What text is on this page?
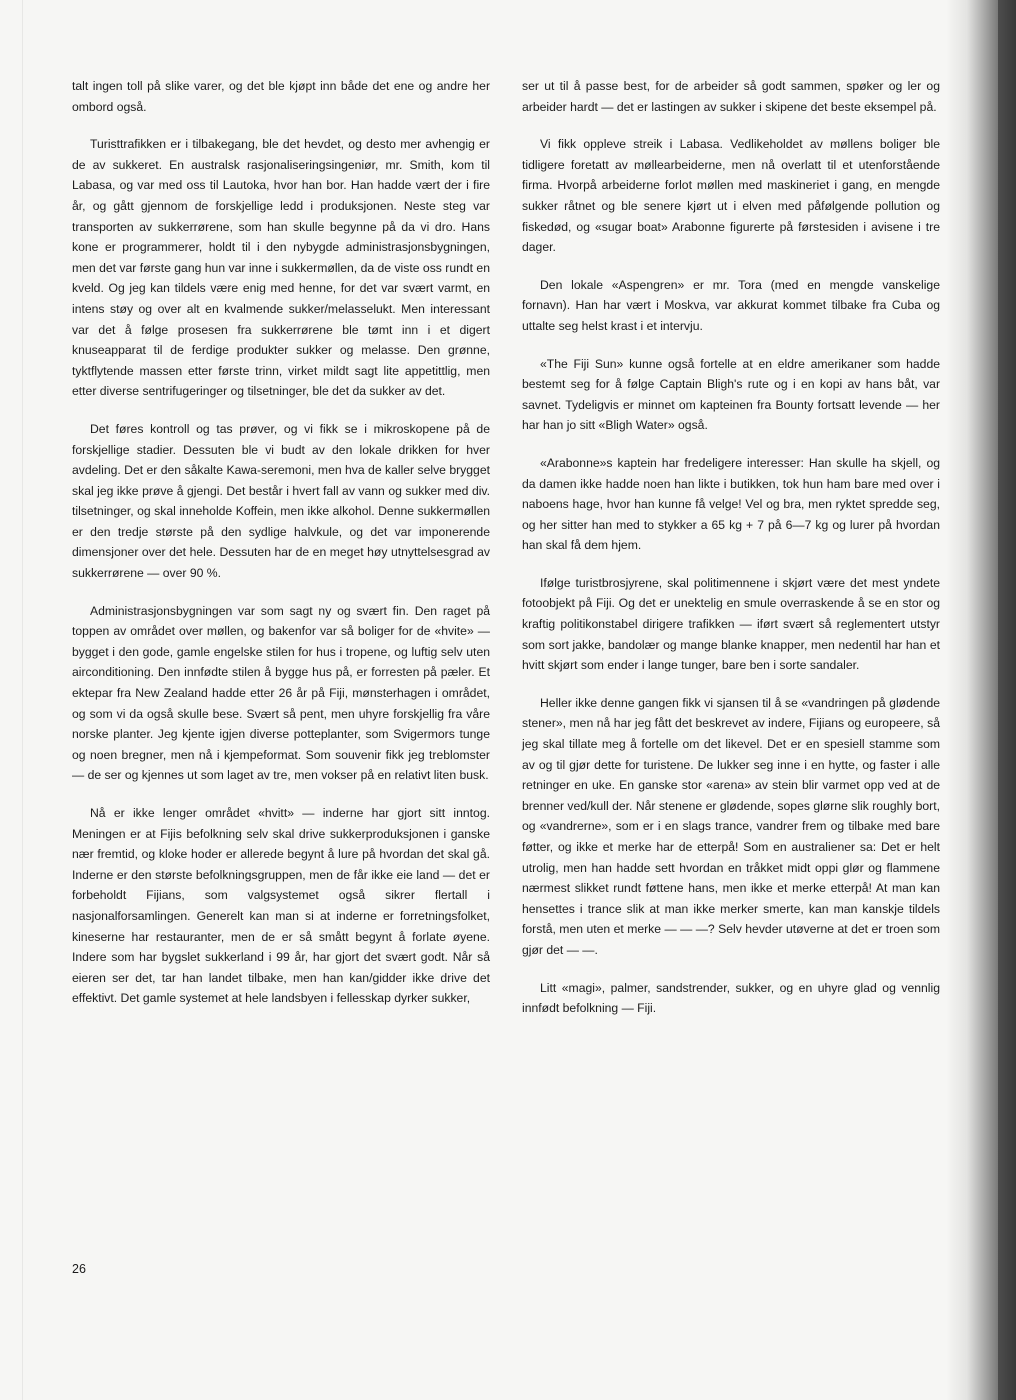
talt ingen toll på slike varer, og det ble kjøpt inn både det ene og andre her ombord også.

Turisttrafikken er i tilbakegang, ble det hevdet, og desto mer avhengig er de av sukkeret. En australsk rasjonaliseringsingeniør, mr. Smith, kom til Labasa, og var med oss til Lautoka, hvor han bor. Han hadde vært der i fire år, og gått gjennom de forskjellige ledd i produksjonen. Neste steg var transporten av sukkerrørene, som han skulle begynne på da vi dro. Hans kone er programmerer, holdt til i den nybygde administrasjonsbygningen, men det var første gang hun var inne i sukkermøllen, da de viste oss rundt en kveld. Og jeg kan tildels være enig med henne, for det var svært varmt, en intens støy og over alt en kvalmende sukker/melasselukt. Men interessant var det å følge prosesen fra sukkerrørene ble tømt inn i et digert knuseapparat til de ferdige produkter sukker og melasse. Den grønne, tyktflytende massen etter første trinn, virket mildt sagt lite appetittlig, men etter diverse sentrifugeringer og tilsetninger, ble det da sukker av det.

Det føres kontroll og tas prøver, og vi fikk se i mikroskopene på de forskjellige stadier. Dessuten ble vi budt av den lokale drikken for hver avdeling. Det er den såkalte Kawa-seremoni, men hva de kaller selve brygget skal jeg ikke prøve å gjengi. Det består i hvert fall av vann og sukker med div. tilsetninger, og skal inneholde Koffein, men ikke alkohol. Denne sukkermøllen er den tredje største på den sydlige halvkule, og det var imponerende dimensjoner over det hele. Dessuten har de en meget høy utnyttelsesgrad av sukkerrørene — over 90 %.

Administrasjonsbygningen var som sagt ny og svært fin. Den raget på toppen av området over møllen, og bakenfor var så boliger for de «hvite» — bygget i den gode, gamle engelske stilen for hus i tropene, og luftig selv uten airconditioning. Den innfødte stilen å bygge hus på, er forresten på pæler. Et ektepar fra New Zealand hadde etter 26 år på Fiji, mønsterhagen i området, og som vi da også skulle bese. Svært så pent, men uhyre forskjellig fra våre norske planter. Jeg kjente igjen diverse potteplanter, som Svigermors tunge og noen bregner, men nå i kjempeformat. Som souvenir fikk jeg treblomster — de ser og kjennes ut som laget av tre, men vokser på en relativt liten busk.

Nå er ikke lenger området «hvitt» — inderne har gjort sitt inntog. Meningen er at Fijis befolkning selv skal drive sukkerproduksjonen i ganske nær fremtid, og kloke hoder er allerede begynt å lure på hvordan det skal gå. Inderne er den største befolkningsgruppen, men de får ikke eie land — det er forbeholdt Fijians, som valgsystemet også sikrer flertall i nasjonalforsamlingen. Generelt kan man si at inderne er forretningsfolket, kineserne har restauranter, men de er så smått begynt å forlate øyene. Indere som har bygslet sukkerland i 99 år, har gjort det svært godt. Når så eieren ser det, tar han landet tilbake, men han kan/gidder ikke drive det effektivt. Det gamle systemet at hele landsbyen i fellesskap dyrker sukker,

ser ut til å passe best, for de arbeider så godt sammen, spøker og ler og arbeider hardt — det er lastingen av sukker i skipene det beste eksempel på.

Vi fikk oppleve streik i Labasa. Vedlikeholdet av møllens boliger ble tidligere foretatt av møllearbeiderne, men nå overlatt til et utenforstående firma. Hvorpå arbeiderne forlot møllen med maskineriet i gang, en mengde sukker råtnet og ble senere kjørt ut i elven med påfølgende pollution og fiskedød, og «sugar boat» Arabonne figurerte på førstesiden i avisene i tre dager.

Den lokale «Aspengren» er mr. Tora (med en mengde vanskelige fornavn). Han har vært i Moskva, var akkurat kommet tilbake fra Cuba og uttalte seg helst krast i et intervju.

«The Fiji Sun» kunne også fortelle at en eldre amerikaner som hadde bestemt seg for å følge Captain Bligh's rute og i en kopi av hans båt, var savnet. Tydeligvis er minnet om kapteinen fra Bounty fortsatt levende — her har han jo sitt «Bligh Water» også.

«Arabonne»s kaptein har fredeligere interesser: Han skulle ha skjell, og da damen ikke hadde noen han likte i butikken, tok hun ham bare med over i naboens hage, hvor han kunne få velge! Vel og bra, men ryktet spredde seg, og her sitter han med to stykker a 65 kg + 7 på 6—7 kg og lurer på hvordan han skal få dem hjem.

Ifølge turistbrosjyrene, skal politimennene i skjørt være det mest yndete fotoobjekt på Fiji. Og det er unektelig en smule overraskende å se en stor og kraftig politikonstabel dirigere trafikken — iført svært så reglementert utstyr som sort jakke, bandolær og mange blanke knapper, men nedentil har han et hvitt skjørt som ender i lange tunger, bare ben i sorte sandaler.

Heller ikke denne gangen fikk vi sjansen til å se «vandringen på glødende stener», men nå har jeg fått det beskrevet av indere, Fijians og europeere, så jeg skal tillate meg å fortelle om det likevel. Det er en spesiell stamme som av og til gjør dette for turistene. De lukker seg inne i en hytte, og faster i alle retninger en uke. En ganske stor «arena» av stein blir varmet opp ved at de brenner ved/kull der. Når stenene er glødende, sopes glørne slik roughly bort, og «vandrerne», som er i en slags trance, vandrer frem og tilbake med bare føtter, og ikke et merke har de etterpå! Som en australiener sa: Det er helt utrolig, men han hadde sett hvordan en tråkket midt oppi glør og flammene nærmest slikket rundt føttene hans, men ikke et merke etterpå! At man kan hensettes i trance slik at man ikke merker smerte, kan man kanskje tildels forstå, men uten et merke — — —? Selv hevder utøverne at det er troen som gjør det — —.

Litt «magi», palmer, sandstrender, sukker, og en uhyre glad og vennlig innfødt befolkning — Fiji.

26
